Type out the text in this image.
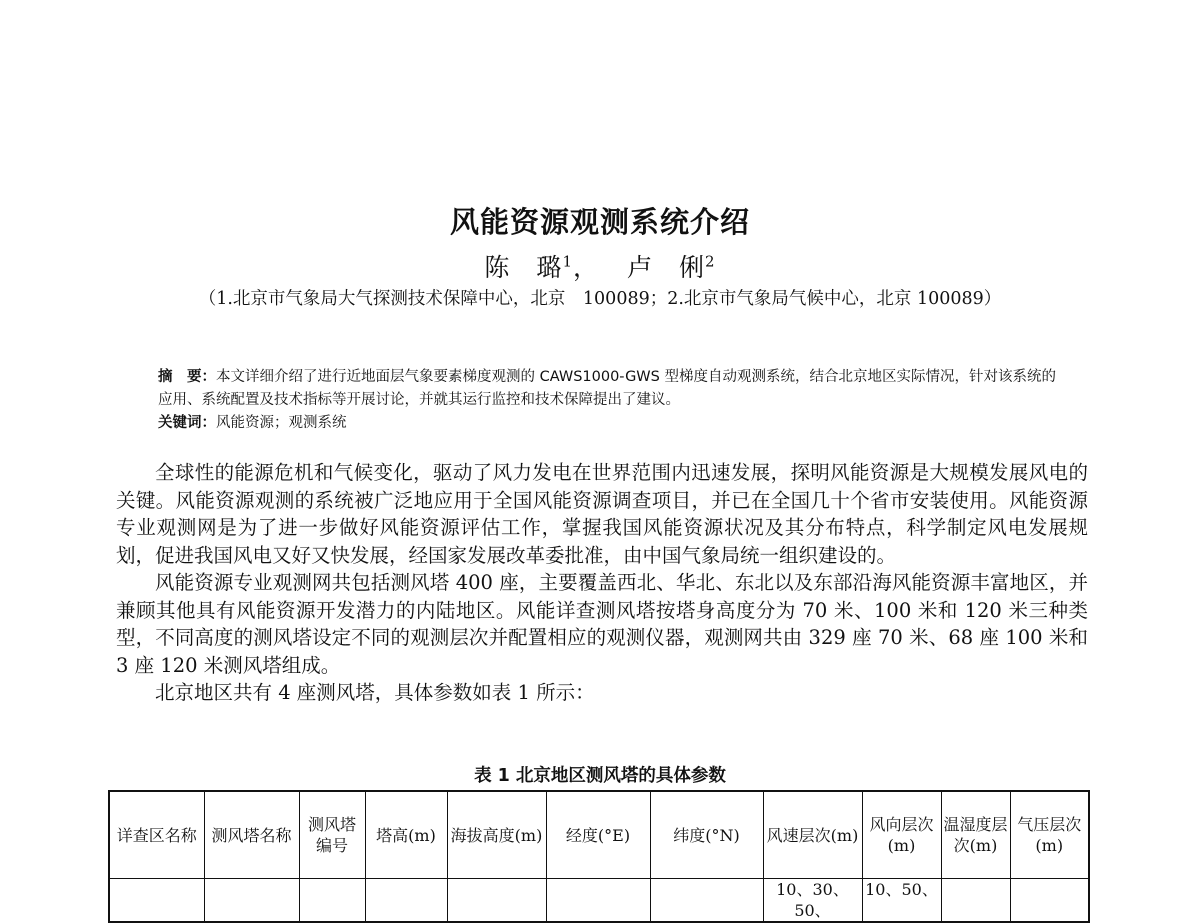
风能资源观测系统介绍
陈　璐$^1$， 卢　俐$^2$
（1.北京市气象局大气探测技术保障中心，北京　100089；2.北京市气象局气候中心，北京 100089）
摘　要：本文详细介绍了进行近地面层气象要素梯度观测的 CAWS1000-GWS 型梯度自动观测系统，结合北京地区实际情况，针对该系统的应用、系统配置及技术指标等开展讨论，并就其运行监控和技术保障提出了建议。
关键词：风能资源；观测系统

全球性的能源危机和气候变化，驱动了风力发电在世界范围内迅速发展，探明风能资源是大规模发展风电的关键。风能资源观测的系统被广泛地应用于全国风能资源调查项目，并已在全国几十个省市安装使用。风能资源专业观测网是为了进一步做好风能资源评估工作，掌握我国风能资源状况及其分布特点，科学制定风电发展规划，促进我国风电又好又快发展，经国家发展改革委批准，由中国气象局统一组织建设的。

风能资源专业观测网共包括测风塔 400 座，主要覆盖西北、华北、东北以及东部沿海风能资源丰富地区，并兼顾其他具有风能资源开发潜力的内陆地区。风能详查测风塔按塔身高度分为 70 米、100 米和 120 米三种类型，不同高度的测风塔设定不同的观测层次并配置相应的观测仪器，观测网共由 329 座 70 米、68 座 100 米和 3 座 120 米测风塔组成。

北京地区共有 4 座测风塔，具体参数如表 1 所示：

表 1 北京地区测风塔的具体参数
详查区名称	测风塔名称	测风塔编号	塔高(m)	海拔高度(m)	经度(°E)	纬度(°N)	风速层次(m)	风向层次(m)	温湿度层次(m)	气压层次(m)
							10、30、50、	10、50、		
